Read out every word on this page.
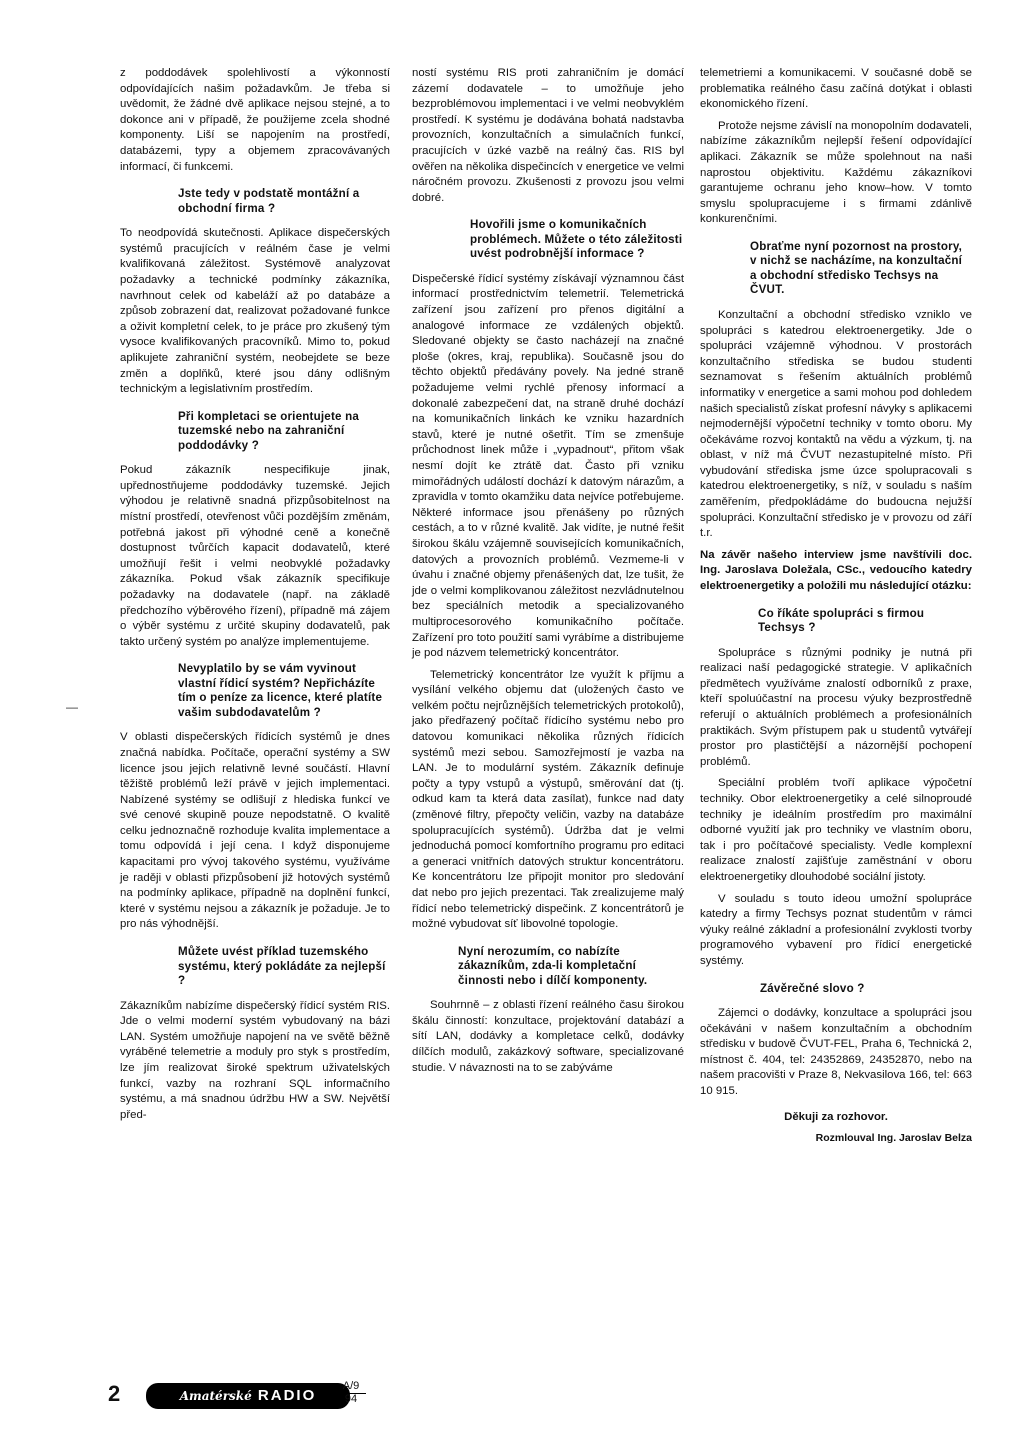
z poddodávek spolehlivostí a výkonností odpovídajících našim požadavkům. Je třeba si uvědomit, že žádné dvě aplikace nejsou stejné, a to dokonce ani v případě, že použijeme zcela shodné komponenty. Liší se napojením na prostředí, databázemi, typy a objemem zpracovávaných informací, či funkcemi.

Jste tedy v podstatě montážní a obchodní firma ?

To neodpovídá skutečnosti. Aplikace dispečerských systémů pracujících v reálném čase je velmi kvalifikovaná záležitost. Systémově analyzovat požadavky a technické podmínky zákazníka, navrhnout celek od kabeláží až po databáze a způsob zobrazení dat, realizovat požadované funkce a oživit kompletní celek, to je práce pro zkušený tým vysoce kvalifikovaných pracovníků. Mimo to, pokud aplikujete zahraniční systém, neobejdete se beze změn a doplňků, které jsou dány odlišným technickým a legislativním prostředím.

Při kompletaci se orientujete na tuzemské nebo na zahraniční poddodávky ?

Pokud zákazník nespecifikuje jinak, upřednostňujeme poddodávky tuzemské. Jejich výhodou je relativně snadná přizpůsobitelnost na místní prostředí, otevřenost vůči pozdějším změnám, potřebná jakost při výhodné ceně a konečně dostupnost tvůrčích kapacit dodavatelů, které umožňují řešit i velmi neobvyklé požadavky zákazníka. Pokud však zákazník specifikuje požadavky na dodavatele (např. na základě předchozího výběrového řízení), případně má zájem o výběr systému z určité skupiny dodavatelů, pak takto určený systém po analýze implementujeme.

Nevyplatilo by se vám vyvinout vlastní řídicí systém? Nepřicházíte tím o peníze za licence, které platíte vašim subdodavatelům ?

V oblasti dispečerských řídicích systémů je dnes značná nabídka. Počítače, operační systémy a SW licence jsou jejich relativně levné součástí. Hlavní těžiště problémů leží právě v jejich implementaci. Nabízené systémy se odlišují z hlediska funkcí ve své cenové skupině pouze nepodstatně. O kvalitě celku jednoznačně rozhoduje kvalita implementace a tomu odpovídá i její cena. I když disponujeme kapacitami pro vývoj takového systému, využíváme je raději v oblasti přizpůsobení již hotových systémů na podmínky aplikace, případně na doplnění funkcí, které v systému nejsou a zákazník je požaduje. Je to pro nás výhodnější.

Můžete uvést příklad tuzemského systému, který pokládáte za nejlepší ?

Zákazníkům nabízíme dispečerský řídicí systém RIS. Jde o velmi moderní systém vybudovaný na bázi LAN. Systém umožňuje napojení na ve světě běžně vyráběné telemetrie a moduly pro styk s prostředím, lze jím realizovat široké spektrum uživatelských funkcí, vazby na rozhraní SQL informačního systému, a má snadnou údržbu HW a SW. Největší před-

ností systému RIS proti zahraničním je domácí zázemí dodavatele – to umožňuje jeho bezproblémovou implementaci i ve velmi neobvyklém prostředí. K systému je dodávána bohatá nadstavba provozních, konzultačních a simulačních funkcí, pracujících v úzké vazbě na reálný čas. RIS byl ověřen na několika dispečincích v energetice ve velmi náročném provozu. Zkušenosti z provozu jsou velmi dobré.

Hovořili jsme o komunikačních problémech. Můžete o této záležitosti uvést podrobnější informace ?

Dispečerské řídicí systémy získávají významnou část informací prostřednictvím telemetrií. Telemetrická zařízení jsou zařízení pro přenos digitální a analogové informace ze vzdálených objektů. Sledované objekty se často nacházejí na značné ploše (okres, kraj, republika). Současně jsou do těchto objektů předávány povely. Na jedné straně požadujeme velmi rychlé přenosy informací a dokonalé zabezpečení dat, na straně druhé dochází na komunikačních linkách ke vzniku hazardních stavů, které je nutné ošetřit. Tím se zmenšuje průchodnost linek může i „vypadnout“, přitom však nesmí dojít ke ztrátě dat. Často při vzniku mimořádných událostí dochází k datovým nárazům, a zpravidla v tomto okamžiku data nejvíce potřebujeme. Některé informace jsou přenášeny po různých cestách, a to v různé kvalitě. Jak vidíte, je nutné řešit širokou škálu vzájemně souvisejících komunikačních, datových a provozních problémů. Vezmeme-li v úvahu i značné objemy přenášených dat, lze tušit, že jde o velmi komplikovanou záležitost nezvládnutelnou bez speciálních metodik a specializovaného multiprocesorového komunikačního počítače. Zařízení pro toto použití sami vyrábíme a distribujeme je pod názvem telemetrický koncentrátor.

Telemetrický koncentrátor lze využít k příjmu a vysílání velkého objemu dat (uložených často ve velkém počtu nejrůznějších telemetrických protokolů), jako předřazený počítač řídicího systému nebo pro datovou komunikaci několika různých řídicích systémů mezi sebou. Samozřejmostí je vazba na LAN. Je to modulární systém. Zákazník definuje počty a typy vstupů a výstupů, směrování dat (tj. odkud kam ta která data zasílat), funkce nad daty (změnové filtry, přepočty veličin, vazby na databáze spolupracujících systémů). Údržba dat je velmi jednoduchá pomocí komfortního programu pro editaci a generaci vnitřních datových struktur koncentrátoru. Ke koncentrátoru lze připojit monitor pro sledování dat nebo pro jejich prezentaci. Tak zrealizujeme malý řídicí nebo telemetrický dispečink. Z koncentrátorů je možné vybudovat síť libovolné topologie.

Nyní nerozumím, co nabízíte zákazníkům, zda-li kompletační činnosti nebo i dílčí komponenty.

Souhrnně – z oblasti řízení reálného času širokou škálu činností: konzultace, projektování databází a sítí LAN, dodávky a kompletace celků, dodávky dílčích modulů, zakázkový software, specializované studie. V návaznosti na to se zabýváme

telemetriemi a komunikacemi. V současné době se problematika reálného času začíná dotýkat i oblasti ekonomického řízení.

Protože nejsme závislí na monopolním dodavateli, nabízíme zákazníkům nejlepší řešení odpovídající aplikaci. Zákazník se může spolehnout na naši naprostou objektivitu. Každému zákazníkovi garantujeme ochranu jeho know–how. V tomto smyslu spolupracujeme i s firmami zdánlivě konkurenčními.

Obraťme nyní pozornost na prostory, v nichž se nacházíme, na konzultační a obchodní středisko Techsys na ČVUT.

Konzultační a obchodní středisko vzniklo ve spolupráci s katedrou elektroenergetiky. Jde o spolupráci vzájemně výhodnou. V prostorách konzultačního střediska se budou studenti seznamovat s řešením aktuálních problémů informatiky v energetice a sami mohou pod dohledem našich specialistů získat profesní návyky s aplikacemi nejmodernější výpočetní techniky v tomto oboru. My očekáváme rozvoj kontaktů na vědu a výzkum, tj. na oblast, v níž má ČVUT nezastupitelné místo. Při vybudování střediska jsme úzce spolupracovali s katedrou elektroenergetiky, s níž, v souladu s naším zaměřením, předpokládáme do budoucna nejužší spolupráci. Konzultační středisko je v provozu od září t.r.

Na závěr našeho interview jsme navštívili doc. Ing. Jaroslava Doležala, CSc., vedoucího katedry elektroenergetiky a položili mu následující otázku:

Co říkáte spolupráci s firmou Techsys ?

Spolupráce s různými podniky je nutná při realizaci naší pedagogické strategie. V aplikačních předmětech využíváme znalostí odborníků z praxe, kteří spoluúčastní na procesu výuky bezprostředně referují o aktuálních problémech a profesionálních praktikách. Svým přístupem pak u studentů vytvářejí prostor pro plastičtější a názornější pochopení problémů.

Speciální problém tvoří aplikace výpočetní techniky. Obor elektroenergetiky a celé silnoproudé techniky je ideálním prostředím pro maximální odborné využití jak pro techniky ve vlastním oboru, tak i pro počítačové specialisty. Vedle komplexní realizace znalostí zajišťuje zaměstnání v oboru elektroenergetiky dlouhodobé sociální jistoty.

V souladu s touto ideou umožní spolupráce katedry a firmy Techsys poznat studentům v rámci výuky reálné základní a profesionální zvyklosti tvorby programového vybavení pro řídicí energetické systémy.

Závěrečné slovo ?

Zájemci o dodávky, konzultace a spolupráci jsou očekáváni v našem konzultačním a obchodním středisku v budově ČVUT-FEL, Praha 6, Technická 2, místnost č. 404, tel: 24352869, 24352870, nebo na našem pracovišti v Praze 8, Nekvasilova 166, tel: 663 10 915.

Děkuji za rozhovor.

Rozmlouval Ing. Jaroslav Belza

2	Amatérské RADIO
A/9
94
—
